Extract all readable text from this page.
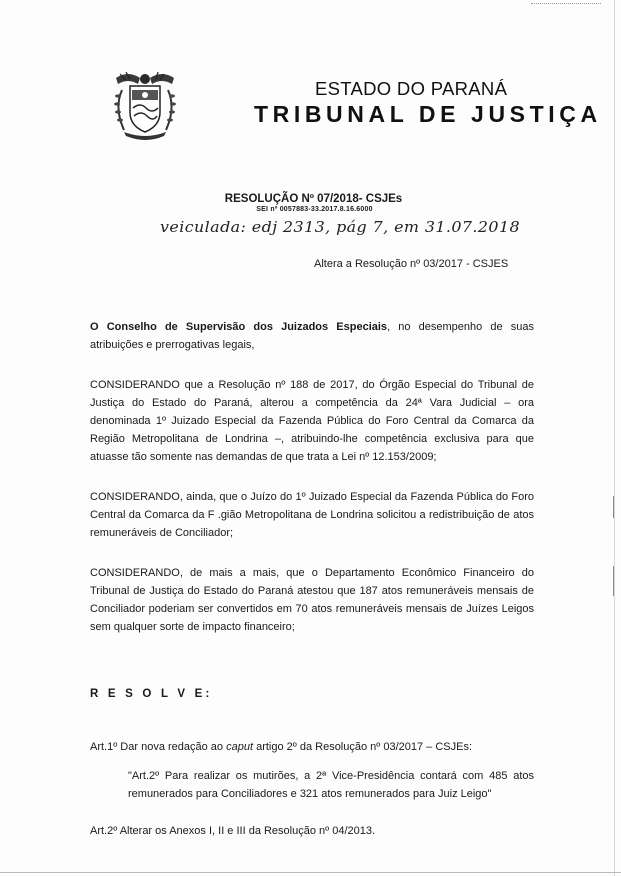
ESTADO DO PARANÁ
TRIBUNAL DE JUSTIÇA
RESOLUÇÃO Nº 07/2018- CSJEs
SEI nº 0057883-33.2017.8.16.6000
veiculada: edj 2313, pág 7, em 31.07.2018
Altera a Resolução nº 03/2017 - CSJES
O Conselho de Supervisão dos Juizados Especiais, no desempenho de suas atribuições e prerrogativas legais,
CONSIDERANDO que a Resolução nº 188 de 2017, do Órgão Especial do Tribunal de Justiça do Estado do Paraná, alterou a competência da 24ª Vara Judicial – ora denominada 1º Juizado Especial da Fazenda Pública do Foro Central da Comarca da Região Metropolitana de Londrina –, atribuindo-lhe competência exclusiva para que atuasse tão somente nas demandas de que trata a Lei nº 12.153/2009;
CONSIDERANDO, ainda, que o Juízo do 1º Juizado Especial da Fazenda Pública do Foro Central da Comarca da F .gião Metropolitana de Londrina solicitou a redistribuição de atos remuneráveis de Conciliador;
CONSIDERANDO, de mais a mais, que o Departamento Econômico Financeiro do Tribunal de Justiça do Estado do Paraná atestou que 187 atos remuneráveis mensais de Conciliador poderiam ser convertidos em 70 atos remuneráveis mensais de Juízes Leigos sem qualquer sorte de impacto financeiro;
R E S O L V E:
Art.1º Dar nova redação ao caput artigo 2º da Resolução nº 03/2017 – CSJEs:
"Art.2º Para realizar os mutirões, a 2ª Vice-Presidência contará com 485 atos remunerados para Conciliadores e 321 atos remunerados para Juiz Leigo"
Art.2º Alterar os Anexos I, II e III da Resolução nº 04/2013.
